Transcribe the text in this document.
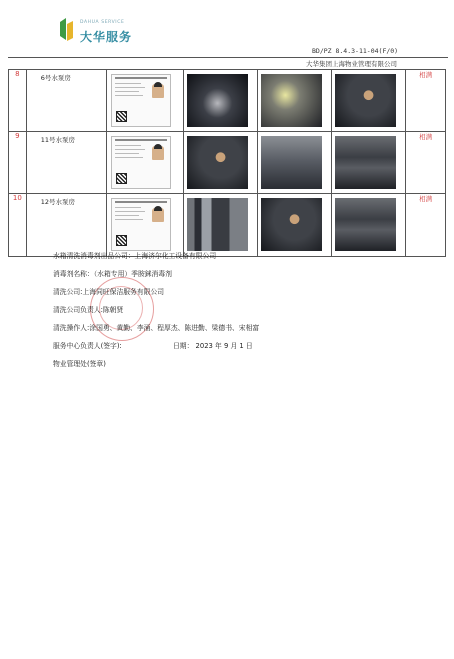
DAHUA SERVICE
大华服务
BD/PZ 8.4.3-11-04(F/0)
大华集团上海物业管理有限公司
8	6号水泵房					相满
9	11号水泵房					相满
10	12号水泵房					相满
水箱清洗消毒剂出品公司：上海济尔化工设备有限公司
消毒剂名称：（水箱专用）季胺銤消毒剂
清洗公司:上海同旺保洁服务有限公司
清洗公司负责人:陈朝贤
清洗操作人:涂国勇、黄勤、李涌、程厚杰、陈进勤、梁德书、宋相富
服务中心负责人(签字):	日期： 2023 年 9 月 1 日
物业管理处(签章)
